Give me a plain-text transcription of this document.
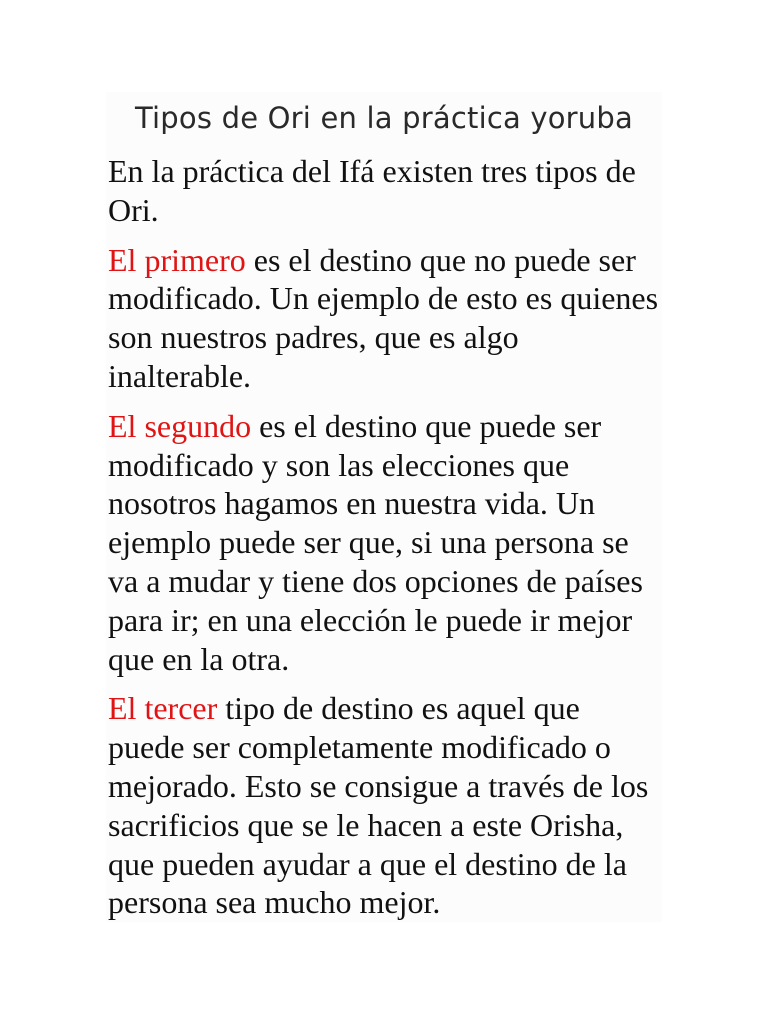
Tipos de Ori en la práctica yoruba

En la práctica del Ifá existen tres tipos de Ori.

El primero es el destino que no puede ser modificado. Un ejemplo de esto es quienes son nuestros padres, que es algo inalterable.

El segundo es el destino que puede ser modificado y son las elecciones que nosotros hagamos en nuestra vida. Un ejemplo puede ser que, si una persona se va a mudar y tiene dos opciones de países para ir; en una elección le puede ir mejor que en la otra.

El tercer tipo de destino es aquel que puede ser completamente modificado o mejorado. Esto se consigue a través de los sacrificios que se le hacen a este Orisha, que pueden ayudar a que el destino de la persona sea mucho mejor.
